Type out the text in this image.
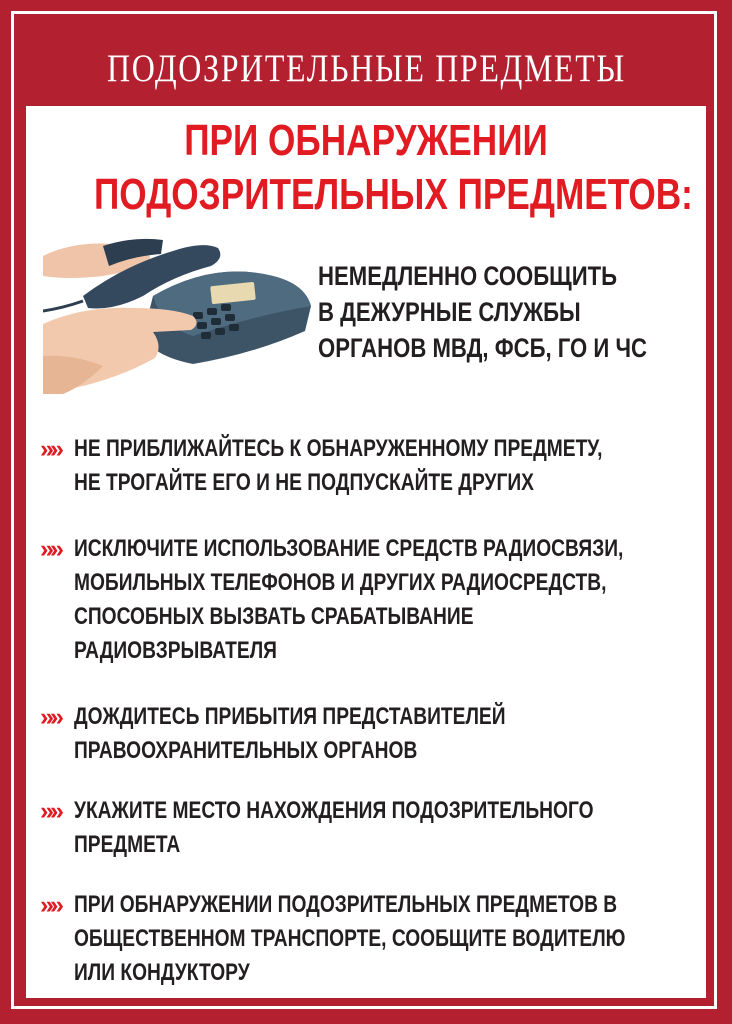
ПОДОЗРИТЕЛЬНЫЕ ПРЕДМЕТЫ
ПРИ ОБНАРУЖЕНИИ
ПОДОЗРИТЕЛЬНЫХ ПРЕДМЕТОВ:
НЕМЕДЛЕННО СООБЩИТЬ
В ДЕЖУРНЫЕ СЛУЖБЫ
ОРГАНОВ МВД, ФСБ, ГО И ЧС
» » НЕ ПРИБЛИЖАЙТЕСЬ К ОБНАРУЖЕННОМУ ПРЕДМЕТУ,
НЕ ТРОГАЙТЕ ЕГО И НЕ ПОДПУСКАЙТЕ ДРУГИХ
» » ИСКЛЮЧИТЕ ИСПОЛЬЗОВАНИЕ СРЕДСТВ РАДИОСВЯЗИ,
МОБИЛЬНЫХ ТЕЛЕФОНОВ И ДРУГИХ РАДИОСРЕДСТВ,
СПОСОБНЫХ ВЫЗВАТЬ СРАБАТЫВАНИЕ
РАДИОВЗРЫВАТЕЛЯ
» » ДОЖДИТЕСЬ ПРИБЫТИЯ ПРЕДСТАВИТЕЛЕЙ
ПРАВООХРАНИТЕЛЬНЫХ ОРГАНОВ
» » УКАЖИТЕ МЕСТО НАХОЖДЕНИЯ ПОДОЗРИТЕЛЬНОГО
ПРЕДМЕТА
» » ПРИ ОБНАРУЖЕНИИ ПОДОЗРИТЕЛЬНЫХ ПРЕДМЕТОВ В
ОБЩЕСТВЕННОМ ТРАНСПОРТЕ, СООБЩИТЕ ВОДИТЕЛЮ
ИЛИ КОНДУКТОРУ
